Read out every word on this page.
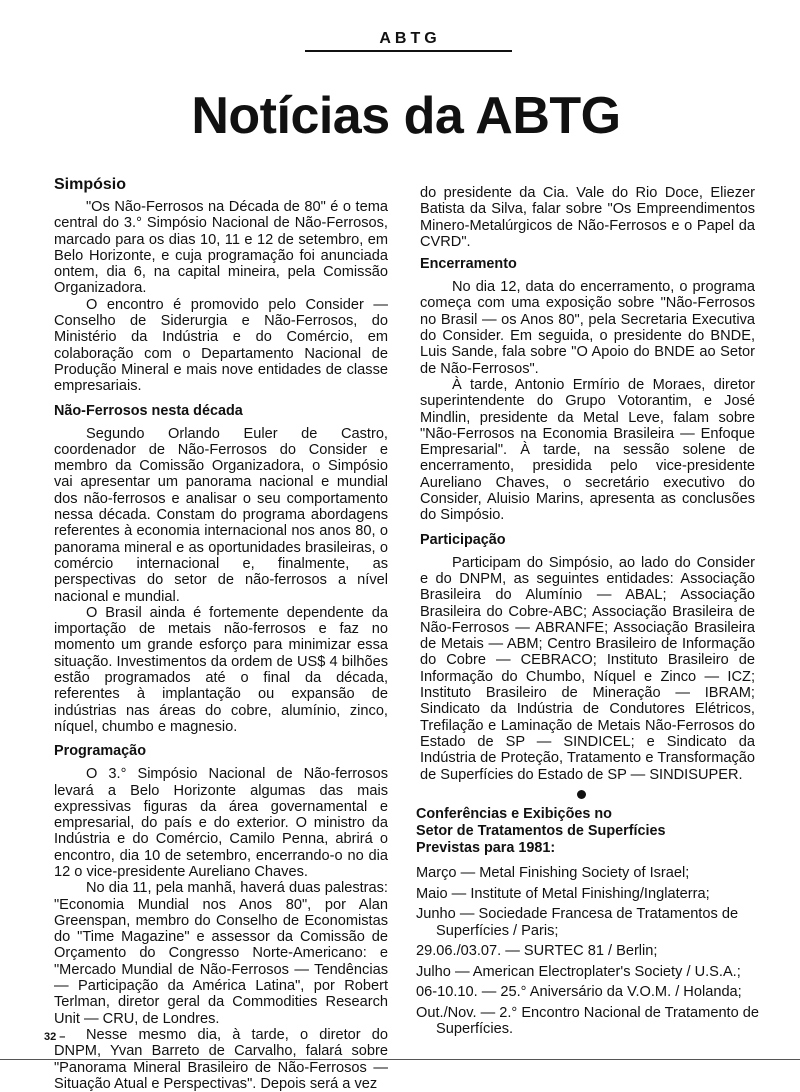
ABTG
Notícias da ABTG
Simpósio

"Os Não-Ferrosos na Década de 80" é o tema central do 3.° Simpósio Nacional de Não-Ferrosos, marcado para os dias 10, 11 e 12 de setembro, em Belo Horizonte, e cuja programação foi anunciada ontem, dia 6, na capital mineira, pela Comissão Organizadora.

O encontro é promovido pelo Consider — Conselho de Siderurgia e Não-Ferrosos, do Ministério da Indústria e do Comércio, em colaboração com o Departamento Nacional de Produção Mineral e mais nove entidades de classe empresariais.

Não-Ferrosos nesta década

Segundo Orlando Euler de Castro, coordenador de Não-Ferrosos do Consider e membro da Comissão Organizadora, o Simpósio vai apresentar um panorama nacional e mundial dos não-ferrosos e analisar o seu comportamento nessa década. Constam do programa abordagens referentes à economia internacional nos anos 80, o panorama mineral e as oportunidades brasileiras, o comércio internacional e, finalmente, as perspectivas do setor de não-ferrosos a nível nacional e mundial.

O Brasil ainda é fortemente dependente da importação de metais não-ferrosos e faz no momento um grande esforço para minimizar essa situação. Investimentos da ordem de US$ 4 bilhões estão programados até o final da década, referentes à implantação ou expansão de indústrias nas áreas do cobre, alumínio, zinco, níquel, chumbo e magnesio.

Programação

O 3.° Simpósio Nacional de Não-ferrosos levará a Belo Horizonte algumas das mais expressivas figuras da área governamental e empresarial, do país e do exterior. O ministro da Indústria e do Comércio, Camilo Penna, abrirá o encontro, dia 10 de setembro, encerrando-o no dia 12 o vice-presidente Aureliano Chaves.

No dia 11, pela manhã, haverá duas palestras: "Economia Mundial nos Anos 80", por Alan Greenspan, membro do Conselho de Economistas do "Time Magazine" e assessor da Comissão de Orçamento do Congresso Norte-Americano: e "Mercado Mundial de Não-Ferrosos — Tendências — Participação da América Latina", por Robert Terlman, diretor geral da Commodities Research Unit — CRU, de Londres.

Nesse mesmo dia, à tarde, o diretor do DNPM, Yvan Barreto de Carvalho, falará sobre "Panorama Mineral Brasileiro de Não-Ferrosos — Situação Atual e Perspectivas". Depois será a vez

do presidente da Cia. Vale do Rio Doce, Eliezer Batista da Silva, falar sobre "Os Empreendimentos Minero-Metalúrgicos de Não-Ferrosos e o Papel da CVRD".

Encerramento

No dia 12, data do encerramento, o programa começa com uma exposição sobre "Não-Ferrosos no Brasil — os Anos 80", pela Secretaria Executiva do Consider. Em seguida, o presidente do BNDE, Luis Sande, fala sobre "O Apoio do BNDE ao Setor de Não-Ferrosos".

À tarde, Antonio Ermírio de Moraes, diretor superintendente do Grupo Votorantim, e José Mindlin, presidente da Metal Leve, falam sobre "Não-Ferrosos na Economia Brasileira — Enfoque Empresarial". À tarde, na sessão solene de encerramento, presidida pelo vice-presidente Aureliano Chaves, o secretário executivo do Consider, Aluisio Marins, apresenta as conclusões do Simpósio.

Participação

Participam do Simpósio, ao lado do Consider e do DNPM, as seguintes entidades: Associação Brasileira do Alumínio — ABAL; Associação Brasileira do Cobre-ABC; Associação Brasileira de Não-Ferrosos — ABRANFE; Associação Brasileira de Metais — ABM; Centro Brasileiro de Informação do Cobre — CEBRACO; Instituto Brasileiro de Informação do Chumbo, Níquel e Zinco — ICZ; Instituto Brasileiro de Mineração — IBRAM; Sindicato da Indústria de Condutores Elétricos, Trefilação e Laminação de Metais Não-Ferrosos do Estado de SP — SINDICEL; e Sindicato da Indústria de Proteção, Tratamento e Transformação de Superfícies do Estado de SP — SINDISUPER.

Conferências e Exibições no
Setor de Tratamentos de Superfícies
Previstas para 1981:
Março — Metal Finishing Society of Israel;
Maio — Institute of Metal Finishing/Inglaterra;
Junho — Sociedade Francesa de Tratamentos de Superfícies / Paris;
29.06./03.07. — SURTEC 81 / Berlin;
Julho — American Electroplater's Society / U.S.A.;
06-10.10. — 25.° Aniversário da V.O.M. / Holanda;
Out./Nov. — 2.° Encontro Nacional de Tratamento de Superfícies.
32 –
